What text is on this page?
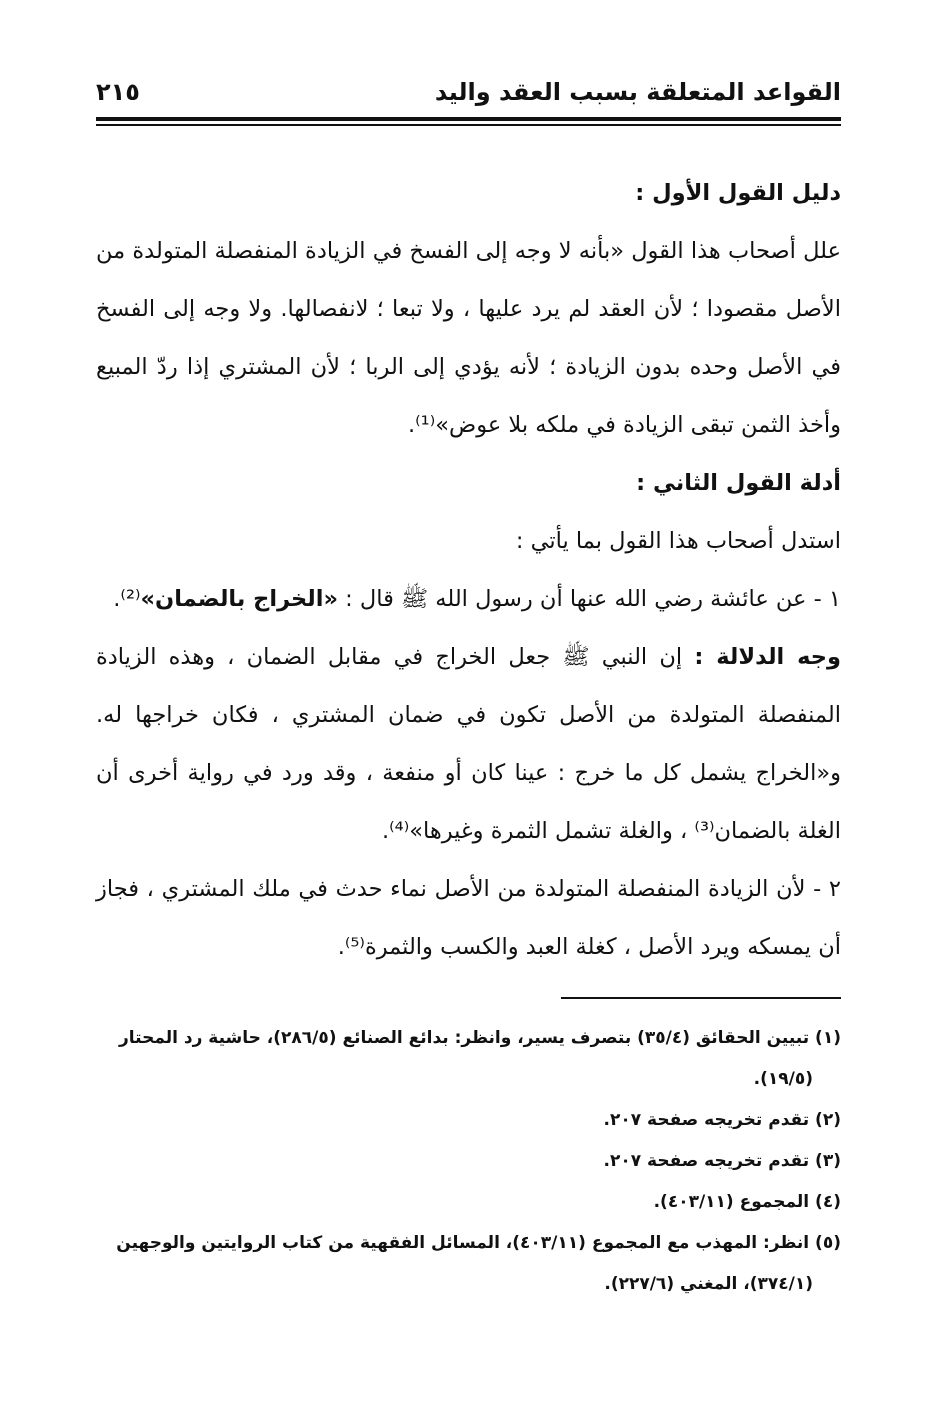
القواعد المتعلقة بسبب العقد واليد
٢١٥

دليل القول الأول :

علل أصحاب هذا القول «بأنه لا وجه إلى الفسخ في الزيادة المنفصلة المتولدة من الأصل مقصودا ؛ لأن العقد لم يرد عليها ، ولا تبعا ؛ لانفصالها. ولا وجه إلى الفسخ في الأصل وحده بدون الزيادة ؛ لأنه يؤدي إلى الربا ؛ لأن المشتري إذا ردّ المبيع وأخذ الثمن تبقى الزيادة في ملكه بلا عوض»⁽¹⁾.

أدلة القول الثاني :

استدل أصحاب هذا القول بما يأتي :

١ - عن عائشة رضي الله عنها أن رسول الله ﷺ قال : «الخراج بالضمان»⁽²⁾.

وجه الدلالة : إن النبي ﷺ جعل الخراج في مقابل الضمان ، وهذه الزيادة المنفصلة المتولدة من الأصل تكون في ضمان المشتري ، فكان خراجها له. و«الخراج يشمل كل ما خرج : عينا كان أو منفعة ، وقد ورد في رواية أخرى أن الغلة بالضمان⁽³⁾ ، والغلة تشمل الثمرة وغيرها»⁽⁴⁾.

٢ - لأن الزيادة المنفصلة المتولدة من الأصل نماء حدث في ملك المشتري ، فجاز أن يمسكه ويرد الأصل ، كغلة العبد والكسب والثمرة⁽⁵⁾.

(١) تبيين الحقائق (٣٥/٤) بتصرف يسير، وانظر: بدائع الصنائع (٢٨٦/٥)، حاشية رد المحتار

(١٩/٥).

(٢) تقدم تخريجه صفحة ٢٠٧.

(٣) تقدم تخريجه صفحة ٢٠٧.

(٤) المجموع (٤٠٣/١١).

(٥) انظر: المهذب مع المجموع (٤٠٣/١١)، المسائل الفقهية من كتاب الروايتين والوجهين

(٣٧٤/١)، المغني (٢٢٧/٦).
